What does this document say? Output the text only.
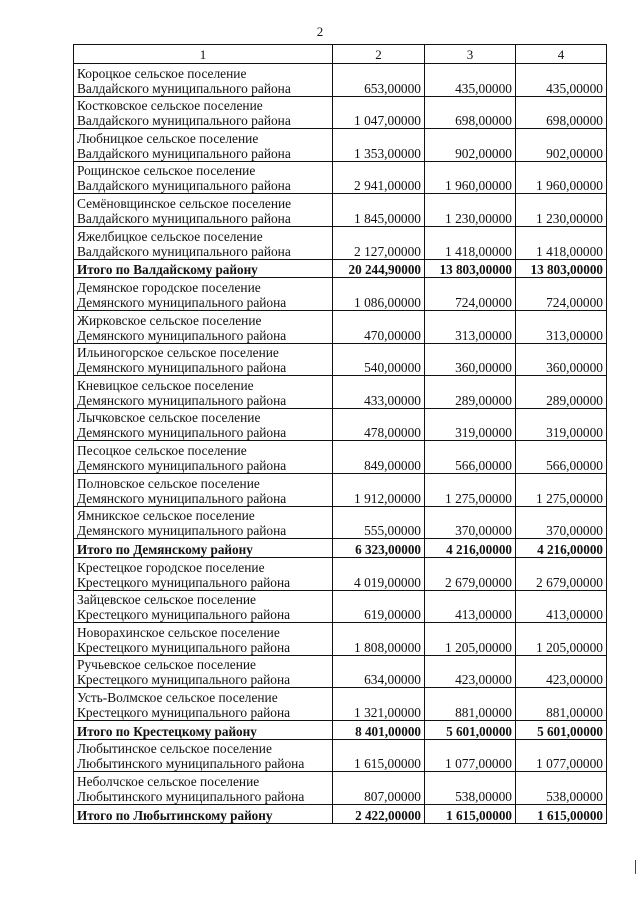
2
1	2	3	4

Короцкое сельское поселение
Валдайского муниципального района	653,00000	435,00000	435,00000

Костковское сельское поселение
Валдайского муниципального района	1 047,00000	698,00000	698,00000

Любницкое сельское поселение
Валдайского муниципального района	1 353,00000	902,00000	902,00000

Рощинское сельское поселение
Валдайского муниципального района	2 941,00000	1 960,00000	1 960,00000

Семёновщинское сельское поселение
Валдайского муниципального района	1 845,00000	1 230,00000	1 230,00000

Яжелбицкое сельское поселение
Валдайского муниципального района	2 127,00000	1 418,00000	1 418,00000

Итого по Валдайскому району	20 244,90000	13 803,00000	13 803,00000

Демянское городское поселение
Демянского муниципального района	1 086,00000	724,00000	724,00000

Жирковское сельское поселение
Демянского муниципального района	470,00000	313,00000	313,00000

Ильиногорское сельское поселение
Демянского муниципального района	540,00000	360,00000	360,00000

Кневицкое сельское поселение
Демянского муниципального района	433,00000	289,00000	289,00000

Лычковское сельское поселение
Демянского муниципального района	478,00000	319,00000	319,00000

Песоцкое сельское поселение
Демянского муниципального района	849,00000	566,00000	566,00000

Полновское сельское поселение
Демянского муниципального района	1 912,00000	1 275,00000	1 275,00000

Ямникское сельское поселение
Демянского муниципального района	555,00000	370,00000	370,00000

Итого по Демянскому району	6 323,00000	4 216,00000	4 216,00000

Крестецкое городское поселение
Крестецкого муниципального района	4 019,00000	2 679,00000	2 679,00000

Зайцевское сельское поселение
Крестецкого муниципального района	619,00000	413,00000	413,00000

Новорахинское сельское поселение
Крестецкого муниципального района	1 808,00000	1 205,00000	1 205,00000

Ручьевское сельское поселение
Крестецкого муниципального района	634,00000	423,00000	423,00000

Усть-Волмское сельское поселение
Крестецкого муниципального района	1 321,00000	881,00000	881,00000

Итого по Крестецкому району	8 401,00000	5 601,00000	5 601,00000

Любытинское сельское поселение
Любытинского муниципального района	1 615,00000	1 077,00000	1 077,00000

Неболчское сельское поселение
Любытинского муниципального района	807,00000	538,00000	538,00000

Итого по Любытинскому району	2 422,00000	1 615,00000	1 615,00000
